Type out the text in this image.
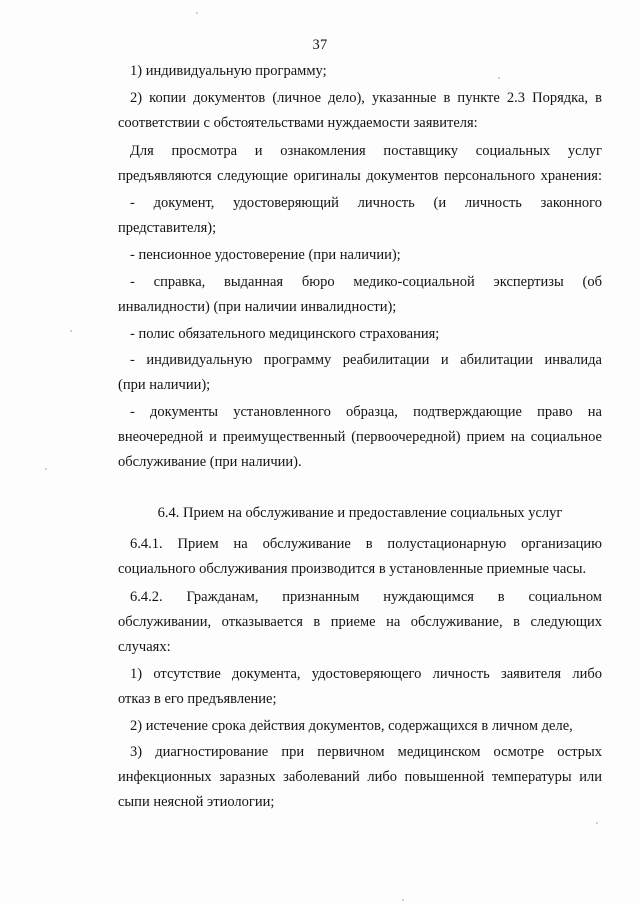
37
1) индивидуальную программу;
2) копии документов (личное дело), указанные в пункте 2.3 Порядка, в
соответствии с обстоятельствами нуждаемости заявителя:
Для просмотра и ознакомления поставщику социальных услуг
предъявляются следующие оригиналы документов персонального хранения:
- документ, удостоверяющий личность (и личность законного
представителя);
- пенсионное удостоверение (при наличии);
- справка, выданная бюро медико-социальной экспертизы (об
инвалидности) (при наличии инвалидности);
- полис обязательного медицинского страхования;
- индивидуальную программу реабилитации и абилитации инвалида
(при наличии);
- документы установленного образца, подтверждающие право на
внеочередной и преимущественный (первоочередной) прием на социальное
обслуживание (при наличии).
6.4. Прием на обслуживание и предоставление социальных услуг
6.4.1. Прием на обслуживание в полустационарную организацию
социального обслуживания производится в установленные приемные часы.
6.4.2. Гражданам, признанным нуждающимся в социальном
обслуживании, отказывается в приеме на обслуживание, в следующих
случаях:
1) отсутствие документа, удостоверяющего личность заявителя либо
отказ в его предъявление;
2) истечение срока действия документов, содержащихся в личном деле,
3) диагностирование при первичном медицинском осмотре острых
инфекционных заразных заболеваний либо повышенной температуры или
сыпи неясной этиологии;
